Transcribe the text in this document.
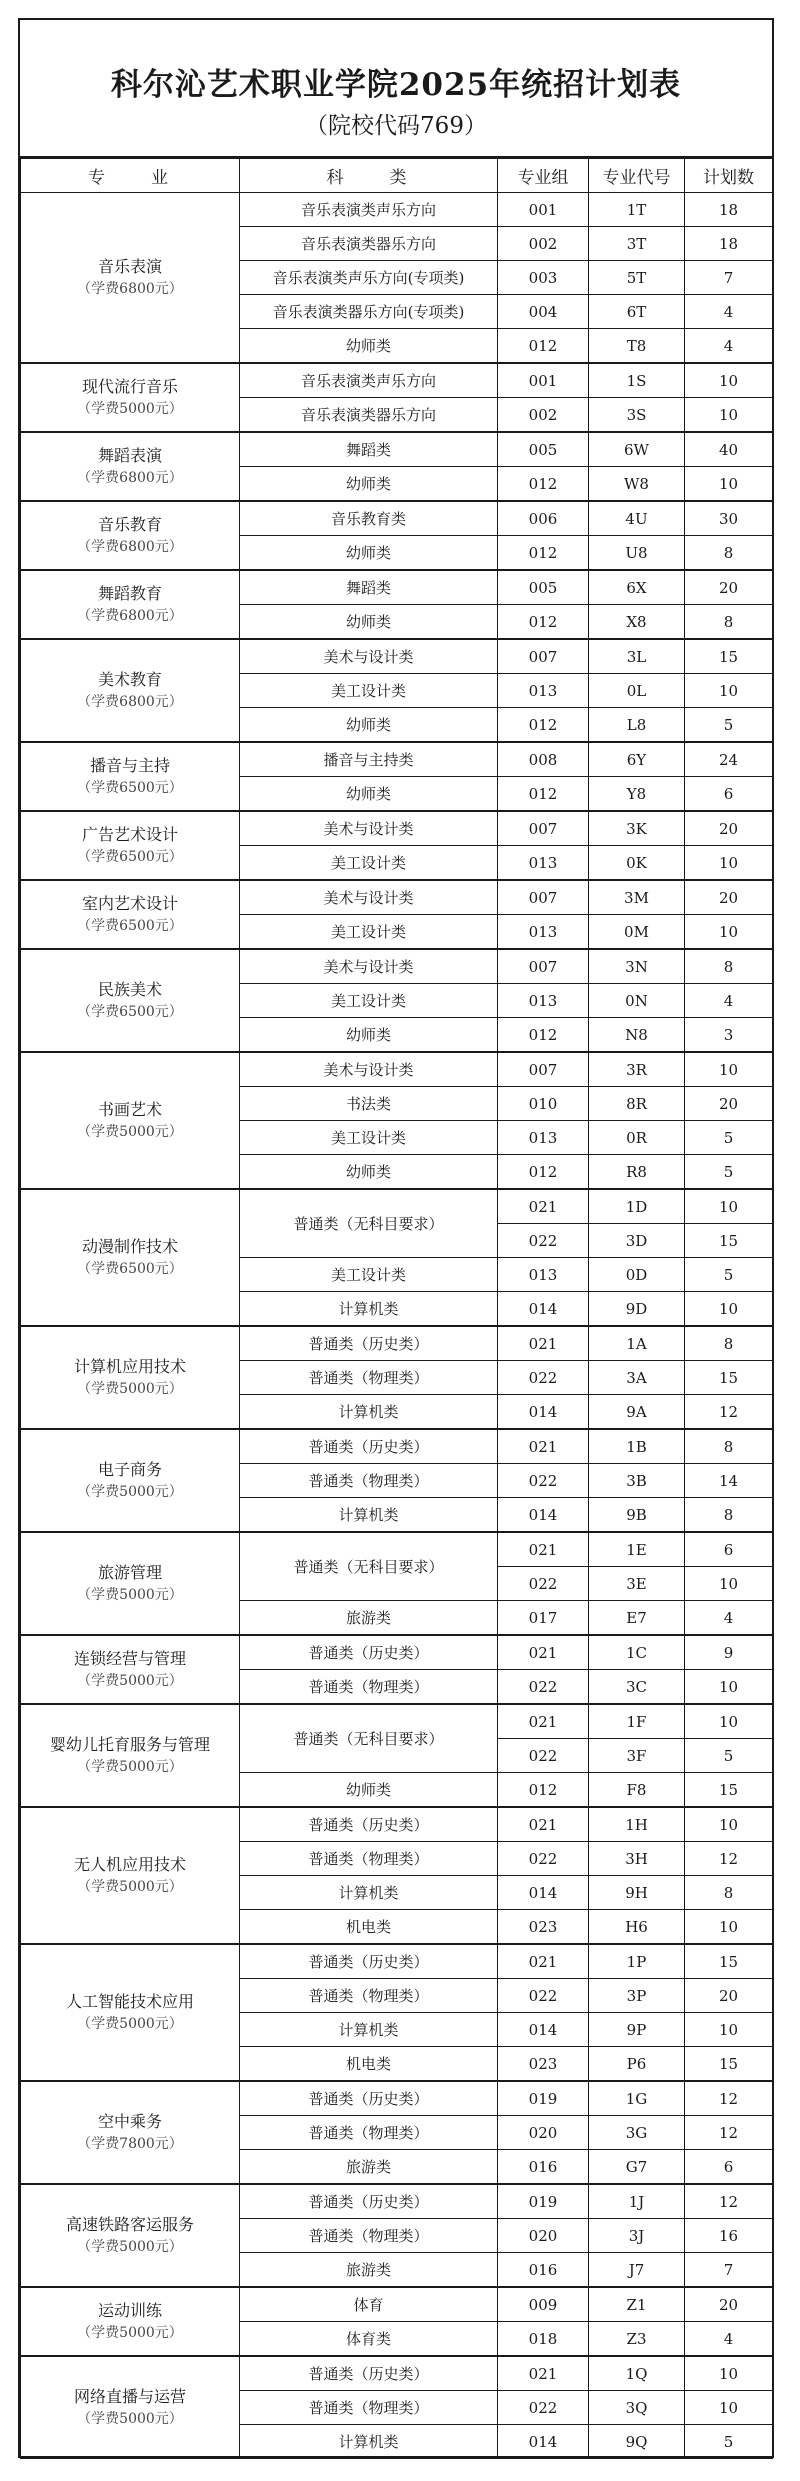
科尔沁艺术职业学院2025年统招计划表
（院校代码769）
专　　业	科　　类	专业组	专业代号	计划数

音乐表演
（学费6800元）	音乐表演类声乐方向	001	1T	18
	音乐表演类器乐方向	002	3T	18
	音乐表演类声乐方向(专项类)	003	5T	7
	音乐表演类器乐方向(专项类)	004	6T	4
	幼师类	012	T8	4

现代流行音乐
（学费5000元）	音乐表演类声乐方向	001	1S	10
	音乐表演类器乐方向	002	3S	10

舞蹈表演
（学费6800元）	舞蹈类	005	6W	40
	幼师类	012	W8	10

音乐教育
（学费6800元）	音乐教育类	006	4U	30
	幼师类	012	U8	8

舞蹈教育
（学费6800元）	舞蹈类	005	6X	20
	幼师类	012	X8	8

美术教育
（学费6800元）	美术与设计类	007	3L	15
	美工设计类	013	0L	10
	幼师类	012	L8	5

播音与主持
（学费6500元）	播音与主持类	008	6Y	24
	幼师类	012	Y8	6

广告艺术设计
（学费6500元）	美术与设计类	007	3K	20
	美工设计类	013	0K	10

室内艺术设计
（学费6500元）	美术与设计类	007	3M	20
	美工设计类	013	0M	10

民族美术
（学费6500元）	美术与设计类	007	3N	8
	美工设计类	013	0N	4
	幼师类	012	N8	3

书画艺术
（学费5000元）	美术与设计类	007	3R	10
	书法类	010	8R	20
	美工设计类	013	0R	5
	幼师类	012	R8	5

动漫制作技术
（学费6500元）	普通类（无科目要求）	021	1D	10
		022	3D	15
	美工设计类	013	0D	5
	计算机类	014	9D	10

计算机应用技术
（学费5000元）	普通类（历史类）	021	1A	8
	普通类（物理类）	022	3A	15
	计算机类	014	9A	12

电子商务
（学费5000元）	普通类（历史类）	021	1B	8
	普通类（物理类）	022	3B	14
	计算机类	014	9B	8

旅游管理
（学费5000元）	普通类（无科目要求）	021	1E	6
		022	3E	10
	旅游类	017	E7	4

连锁经营与管理
（学费5000元）	普通类（历史类）	021	1C	9
	普通类（物理类）	022	3C	10

婴幼儿托育服务与管理
（学费5000元）	普通类（无科目要求）	021	1F	10
		022	3F	5
	幼师类	012	F8	15

无人机应用技术
（学费5000元）	普通类（历史类）	021	1H	10
	普通类（物理类）	022	3H	12
	计算机类	014	9H	8
	机电类	023	H6	10

人工智能技术应用
（学费5000元）	普通类（历史类）	021	1P	15
	普通类（物理类）	022	3P	20
	计算机类	014	9P	10
	机电类	023	P6	15

空中乘务
（学费7800元）	普通类（历史类）	019	1G	12
	普通类（物理类）	020	3G	12
	旅游类	016	G7	6

高速铁路客运服务
（学费5000元）	普通类（历史类）	019	1J	12
	普通类（物理类）	020	3J	16
	旅游类	016	J7	7

运动训练
（学费5000元）	体育	009	Z1	20
	体育类	018	Z3	4

网络直播与运营
（学费5000元）	普通类（历史类）	021	1Q	10
	普通类（物理类）	022	3Q	10
	计算机类	014	9Q	5
